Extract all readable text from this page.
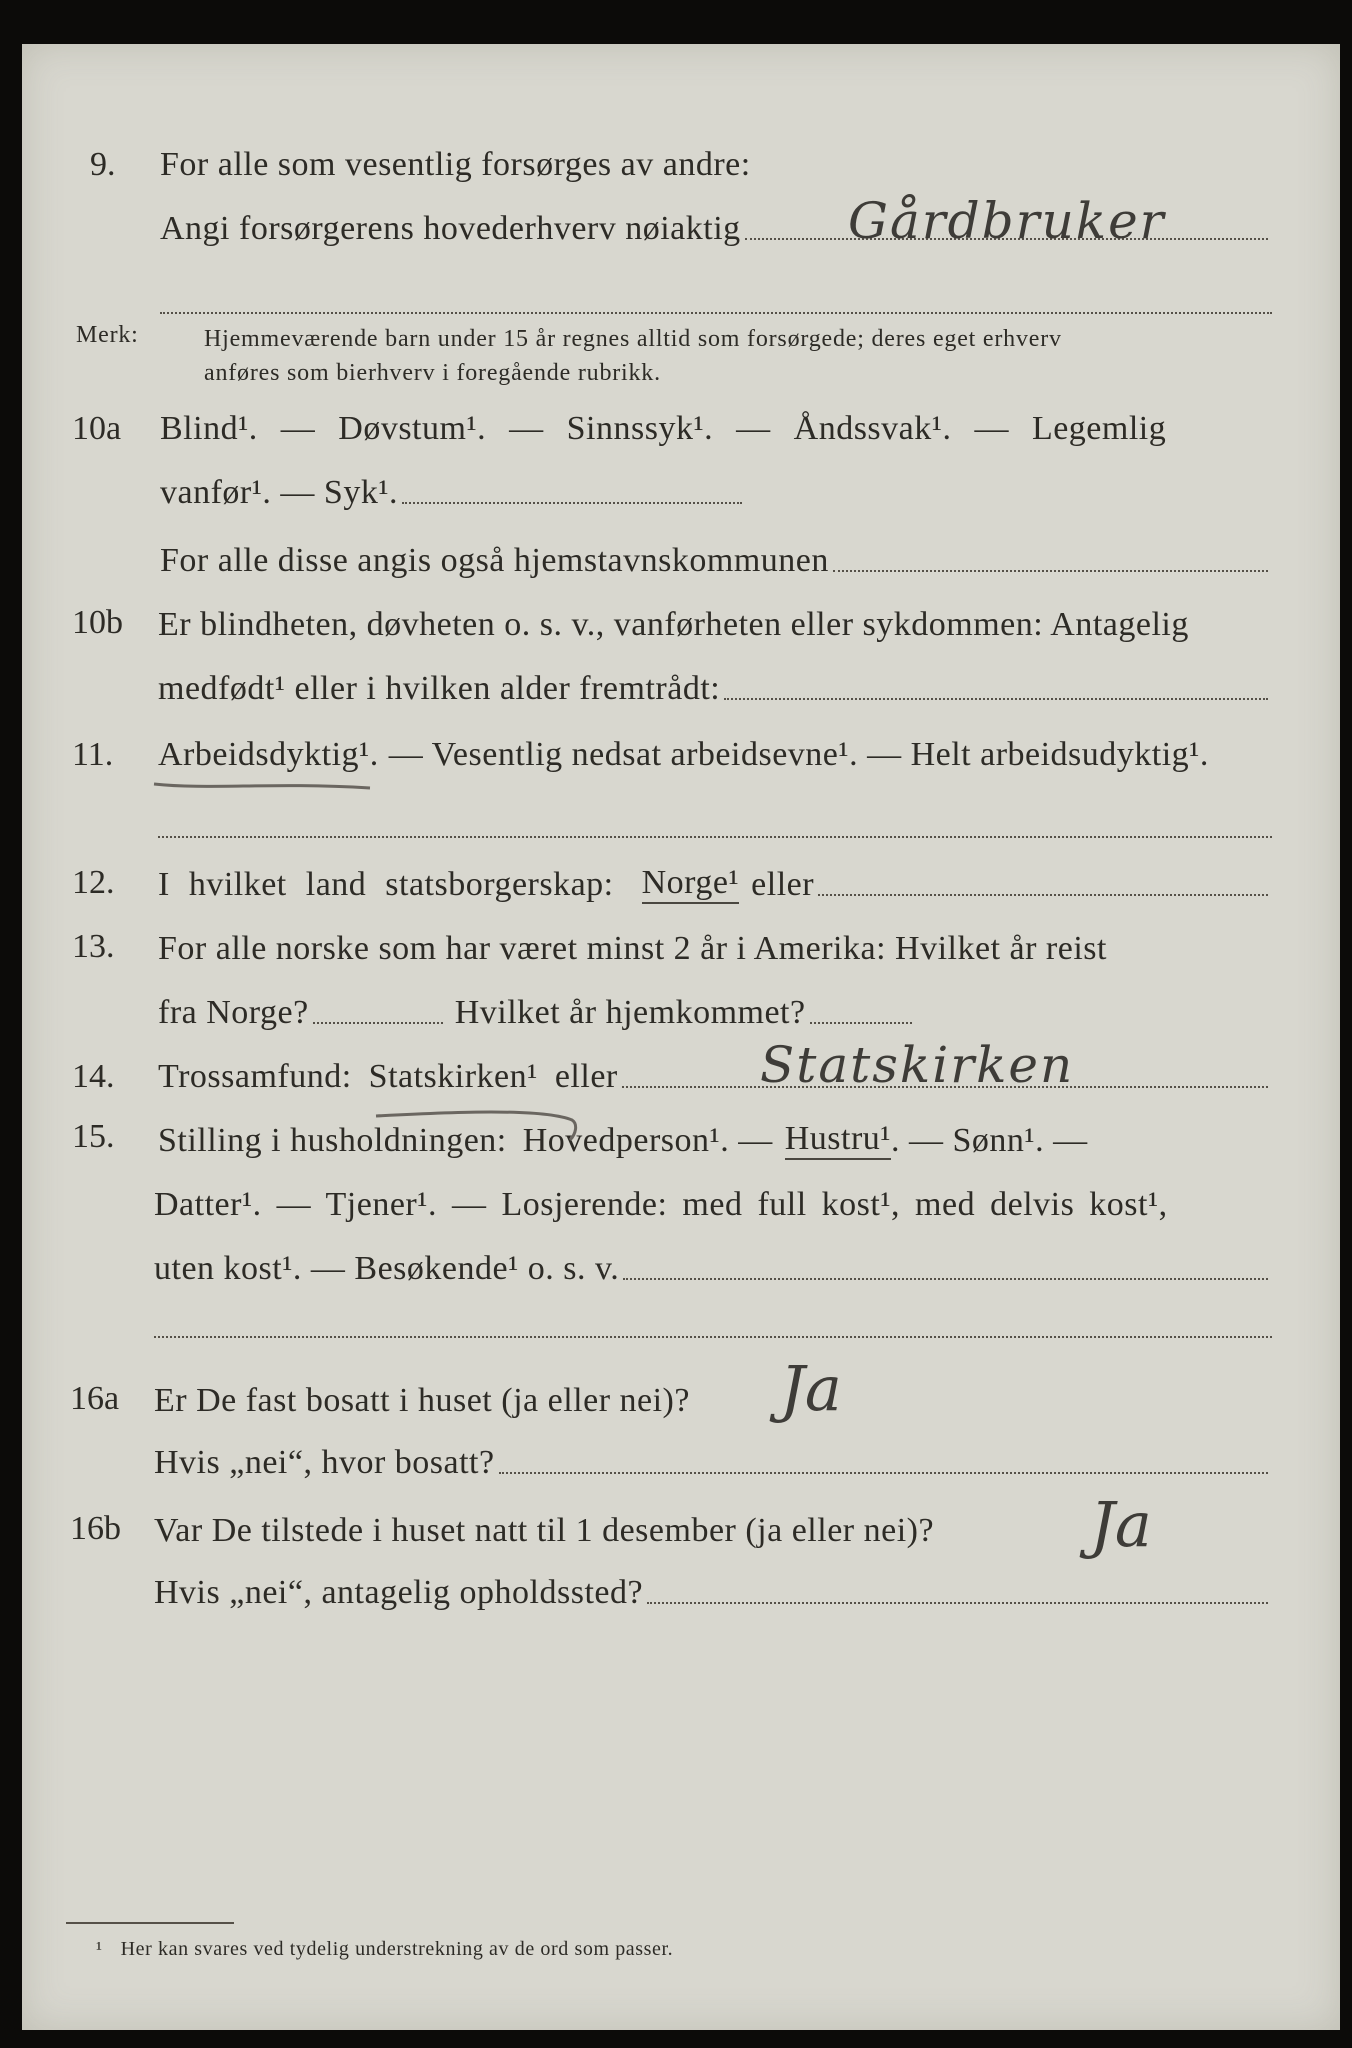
9. For alle som vesentlig forsørges av andre:
Angi forsørgerens hovederhverv nøiaktig Gårdbruker
Merk:	Hjemmeværende barn under 15 år regnes alltid som forsørgede; deres eget erhverv
anføres som bierhverv i foregående rubrikk.
10a Blind¹. — Døvstum¹. — Sinnssyk¹. — Åndssvak¹. — Legemlig
vanfør¹. — Syk¹.
For alle disse angis også hjemstavnskommunen
10b Er blindheten, døvheten o. s. v., vanførheten eller sykdommen: Antagelig
medfødt¹ eller i hvilken alder fremtrådt:
11. Arbeidsdyktig¹. — Vesentlig nedsat arbeidsevne¹. — Helt arbeidsudyktig¹.
12. I hvilket land statsborgerskap: Norge¹ eller
13. For alle norske som har været minst 2 år i Amerika: Hvilket år reist
fra Norge?	Hvilket år hjemkommet?
14. Trossamfund: Statskirken¹ eller	Statskirken
15. Stilling i husholdningen: Hovedperson¹. — Hustru¹ . — Sønn¹. —
Datter¹. — Tjener¹. — Losjerende: med full kost¹, med delvis kost¹,
uten kost¹. — Besøkende¹ o. s. v.
16a Er De fast bosatt i huset (ja eller nei)? Ja
Hvis „nei“, hvor bosatt?
16b Var De tilstede i huset natt til 1 desember (ja eller nei)?	Ja
Hvis „nei“, antagelig opholdssted?
¹ Her kan svares ved tydelig understrekning av de ord som passer.
